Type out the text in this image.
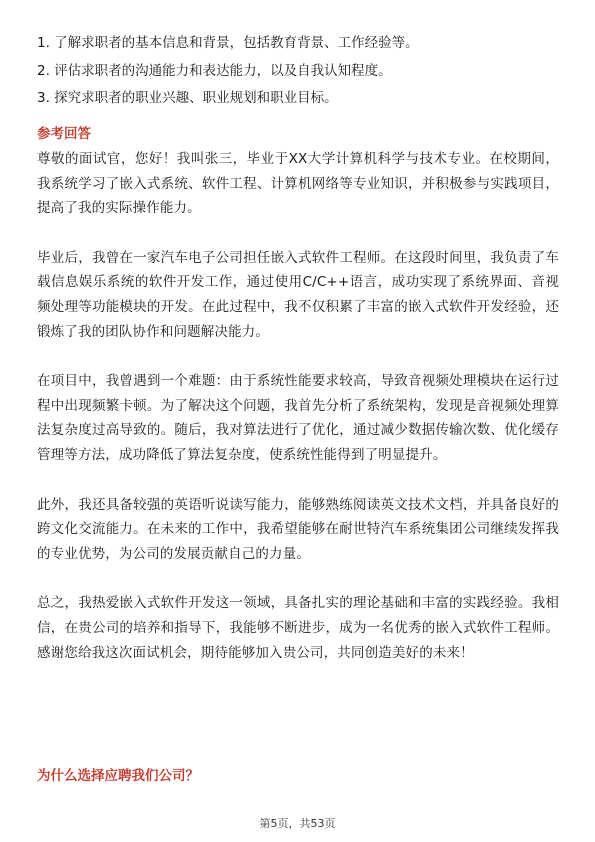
1. 了解求职者的基本信息和背景，包括教育背景、工作经验等。
2. 评估求职者的沟通能力和表达能力，以及自我认知程度。
3. 探究求职者的职业兴趣、职业规划和职业目标。
参考回答

尊敬的面试官，您好！我叫张三，毕业于XX大学计算机科学与技术专业。在校期间，我系统学习了嵌入式系统、软件工程、计算机网络等专业知识，并积极参与实践项目，提高了我的实际操作能力。

毕业后，我曾在一家汽车电子公司担任嵌入式软件工程师。在这段时间里，我负责了车载信息娱乐系统的软件开发工作，通过使用C/C++语言，成功实现了系统界面、音视频处理等功能模块的开发。在此过程中，我不仅积累了丰富的嵌入式软件开发经验，还锻炼了我的团队协作和问题解决能力。

在项目中，我曾遇到一个难题：由于系统性能要求较高，导致音视频处理模块在运行过程中出现频繁卡顿。为了解决这个问题，我首先分析了系统架构，发现是音视频处理算法复杂度过高导致的。随后，我对算法进行了优化，通过减少数据传输次数、优化缓存管理等方法，成功降低了算法复杂度，使系统性能得到了明显提升。

此外，我还具备较强的英语听说读写能力，能够熟练阅读英文技术文档，并具备良好的跨文化交流能力。在未来的工作中，我希望能够在耐世特汽车系统集团公司继续发挥我的专业优势，为公司的发展贡献自己的力量。

总之，我热爱嵌入式软件开发这一领域，具备扎实的理论基础和丰富的实践经验。我相信，在贵公司的培养和指导下，我能够不断进步，成为一名优秀的嵌入式软件工程师。感谢您给我这次面试机会，期待能够加入贵公司，共同创造美好的未来！

为什么选择应聘我们公司？
第5页，共53页
